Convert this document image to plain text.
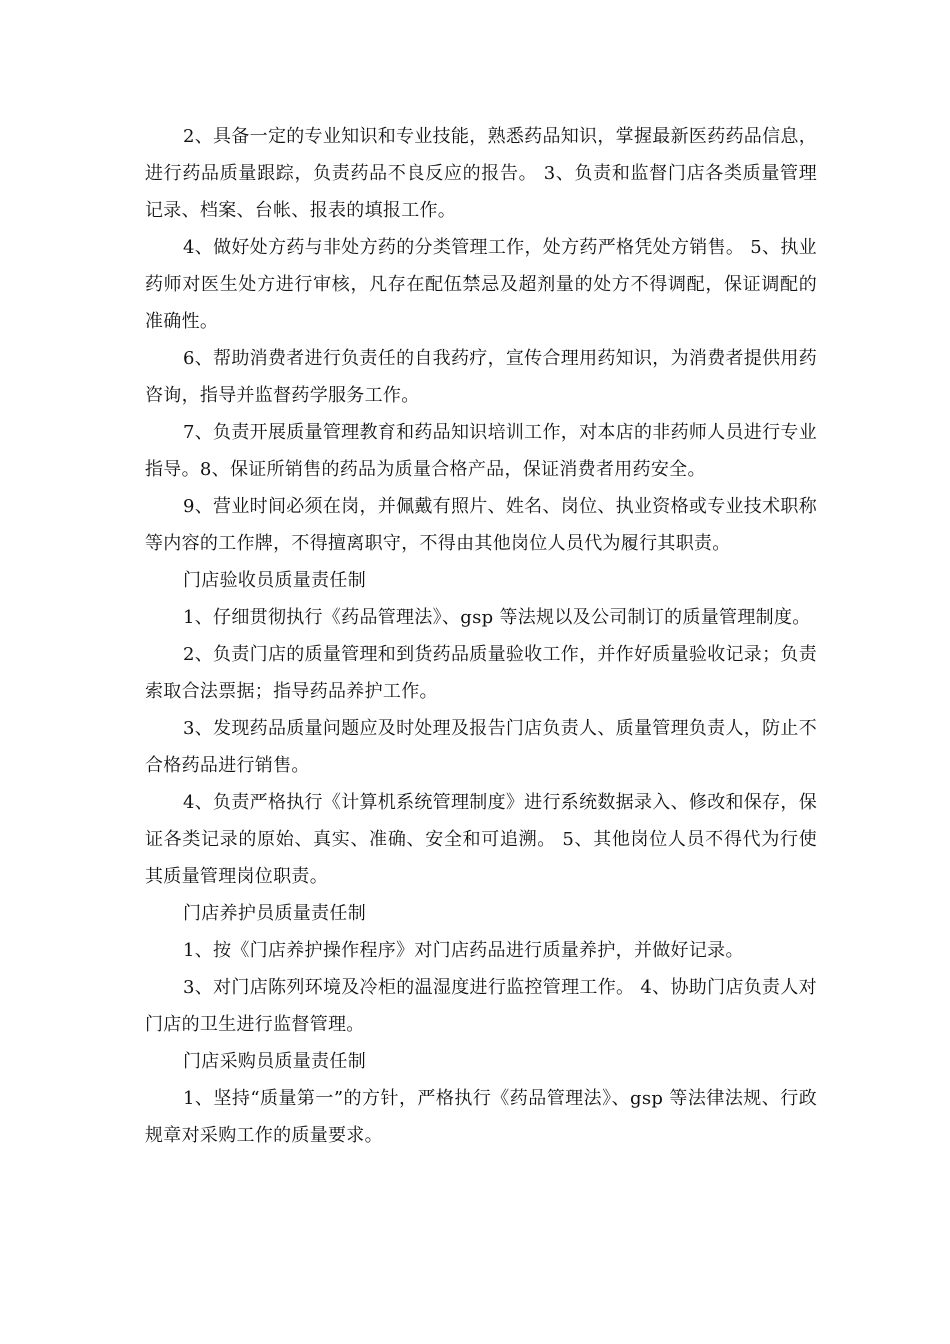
2、具备一定的专业知识和专业技能，熟悉药品知识，掌握最新医药药品信息，进行药品质量跟踪，负责药品不良反应的报告。 3、负责和监督门店各类质量管理记录、档案、台帐、报表的填报工作。

4、做好处方药与非处方药的分类管理工作，处方药严格凭处方销售。 5、执业药师对医生处方进行审核，凡存在配伍禁忌及超剂量的处方不得调配，保证调配的准确性。

6、帮助消费者进行负责任的自我药疗，宣传合理用药知识，为消费者提供用药咨询，指导并监督药学服务工作。

7、负责开展质量管理教育和药品知识培训工作，对本店的非药师人员进行专业指导。8、保证所销售的药品为质量合格产品，保证消费者用药安全。

9、营业时间必须在岗，并佩戴有照片、姓名、岗位、执业资格或专业技术职称等内容的工作牌，不得擅离职守，不得由其他岗位人员代为履行其职责。

门店验收员质量责任制

1、仔细贯彻执行《药品管理法》、gsp 等法规以及公司制订的质量管理制度。

2、负责门店的质量管理和到货药品质量验收工作，并作好质量验收记录；负责索取合法票据；指导药品养护工作。

3、发现药品质量问题应及时处理及报告门店负责人、质量管理负责人，防止不合格药品进行销售。

4、负责严格执行《计算机系统管理制度》进行系统数据录入、修改和保存，保证各类记录的原始、真实、准确、安全和可追溯。 5、其他岗位人员不得代为行使其质量管理岗位职责。

门店养护员质量责任制

1、按《门店养护操作程序》对门店药品进行质量养护，并做好记录。

3、对门店陈列环境及冷柜的温湿度进行监控管理工作。 4、协助门店负责人对门店的卫生进行监督管理。

门店采购员质量责任制

1、坚持“质量第一”的方针，严格执行《药品管理法》、gsp 等法律法规、行政规章对采购工作的质量要求。
